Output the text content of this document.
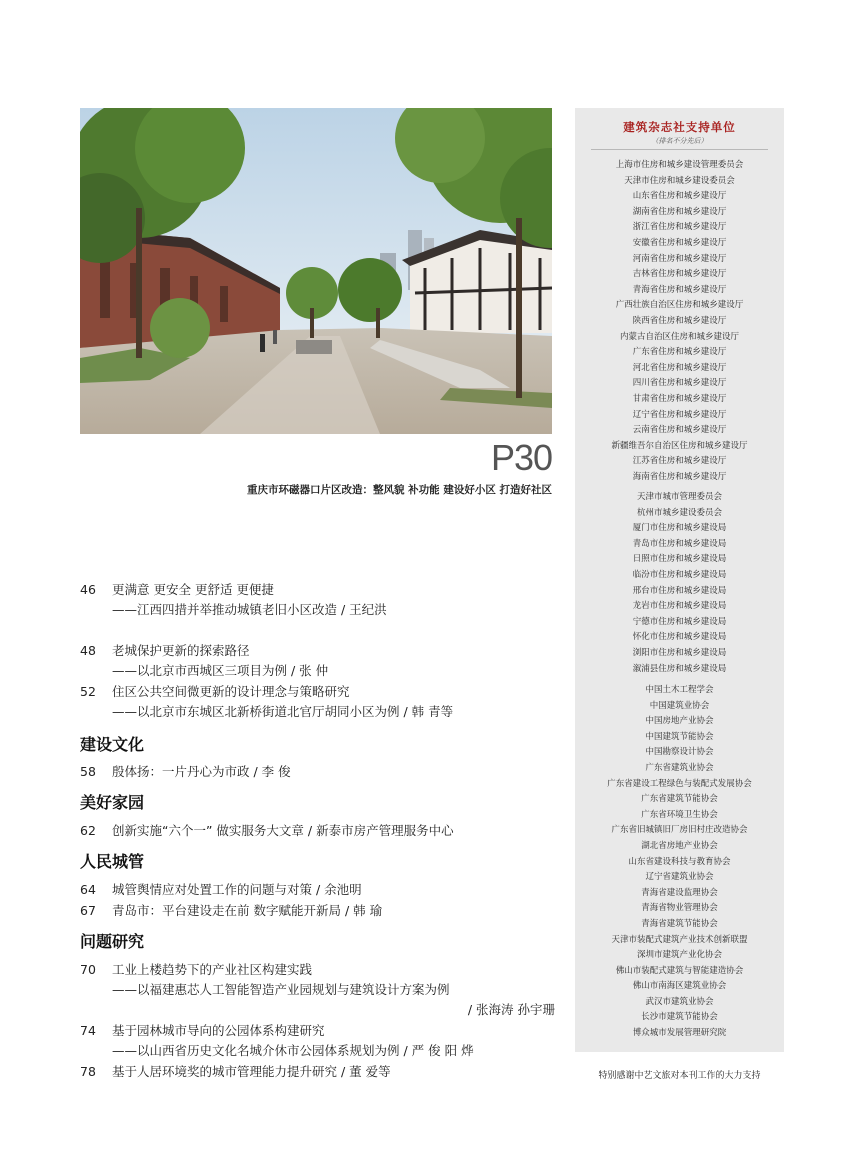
P30
重庆市环磁器口片区改造：整风貌 补功能 建设好小区 打造好社区
46 更满意 更安全 更舒适 更便捷
——江西四措并举推动城镇老旧小区改造 / 王纪洪
48 老城保护更新的探索路径
——以北京市西城区三项目为例 / 张 仲
52 住区公共空间微更新的设计理念与策略研究
——以北京市东城区北新桥街道北官厅胡同小区为例 / 韩 青等
建设文化
58 殷体扬：一片丹心为市政 / 李 俊
美好家园
62 创新实施“六个一” 做实服务大文章 / 新泰市房产管理服务中心
人民城管
64 城管舆情应对处置工作的问题与对策 / 余池明
67 青岛市：平台建设走在前 数字赋能开新局 / 韩 瑜
问题研究
70 工业上楼趋势下的产业社区构建实践
——以福建惠芯人工智能智造产业园规划与建筑设计方案为例
/ 张海涛 孙宇珊
74 基于园林城市导向的公园体系构建研究
——以山西省历史文化名城介休市公园体系规划为例 / 严 俊 阳 烨
78 基于人居环境奖的城市管理能力提升研究 / 董 爱等
建筑杂志社支持单位
（排名不分先后）
上海市住房和城乡建设管理委员会
天津市住房和城乡建设委员会
山东省住房和城乡建设厅
湖南省住房和城乡建设厅
浙江省住房和城乡建设厅
安徽省住房和城乡建设厅
河南省住房和城乡建设厅
吉林省住房和城乡建设厅
青海省住房和城乡建设厅
广西壮族自治区住房和城乡建设厅
陕西省住房和城乡建设厅
内蒙古自治区住房和城乡建设厅
广东省住房和城乡建设厅
河北省住房和城乡建设厅
四川省住房和城乡建设厅
甘肃省住房和城乡建设厅
辽宁省住房和城乡建设厅
云南省住房和城乡建设厅
新疆维吾尔自治区住房和城乡建设厅
江苏省住房和城乡建设厅
海南省住房和城乡建设厅
天津市城市管理委员会
杭州市城乡建设委员会
厦门市住房和城乡建设局
青岛市住房和城乡建设局
日照市住房和城乡建设局
临汾市住房和城乡建设局
邢台市住房和城乡建设局
龙岩市住房和城乡建设局
宁德市住房和城乡建设局
怀化市住房和城乡建设局
浏阳市住房和城乡建设局
溆浦县住房和城乡建设局
中国土木工程学会
中国建筑业协会
中国房地产业协会
中国建筑节能协会
中国勘察设计协会
广东省建筑业协会
广东省建设工程绿色与装配式发展协会
广东省建筑节能协会
广东省环境卫生协会
广东省旧城镇旧厂房旧村庄改造协会
湖北省房地产业协会
山东省建设科技与教育协会
辽宁省建筑业协会
青海省建设监理协会
青海省物业管理协会
青海省建筑节能协会
天津市装配式建筑产业技术创新联盟
深圳市建筑产业化协会
佛山市装配式建筑与智能建造协会
佛山市南海区建筑业协会
武汉市建筑业协会
长沙市建筑节能协会
博众城市发展管理研究院
特别感谢中艺文旅对本刊工作的大力支持
